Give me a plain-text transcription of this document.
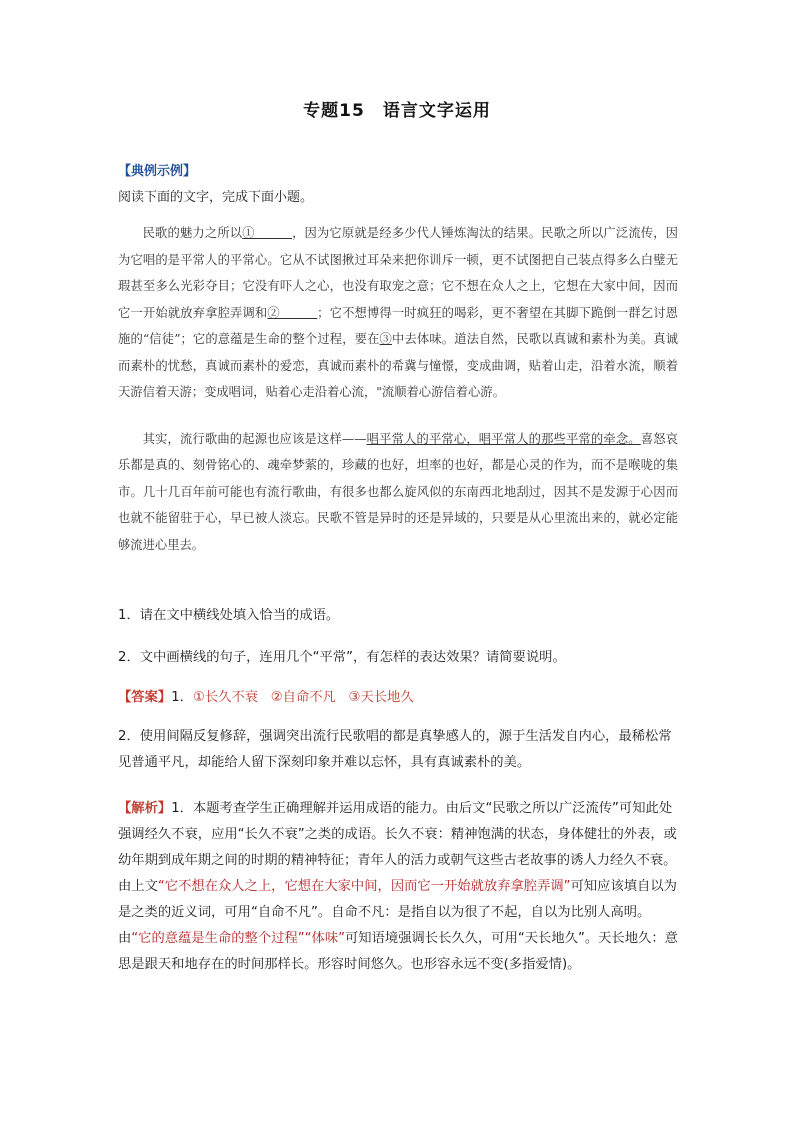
专题15　语言文字运用
【典例示例】
阅读下面的文字，完成下面小题。

民歌的魅力之所以①＿＿＿，因为它原就是经多少代人锤炼淘汰的结果。民歌之所以广泛流传，因为它唱的是平常人的平常心。它从不试图揪过耳朵来把你训斥一顿，更不试图把自己装点得多么白璧无瑕甚至多么光彩夺目；它没有吓人之心，也没有取宠之意；它不想在众人之上，它想在大家中间，因而它一开始就放弃拿腔弄调和②＿＿＿；它不想博得一时疯狂的喝彩，更不奢望在其脚下跪倒一群乞讨恩施的“信徒”；它的意蕴是生命的整个过程，要在③中去体味。道法自然，民歌以真诚和素朴为美。真诚而素朴的忧愁，真诚而素朴的爱恋，真诚而素朴的希冀与憧憬，变成曲调，贴着山走，沿着水流，顺着天游信着天游；变成唱词，贴着心走沿着心流，"流顺着心游信着心游。

其实，流行歌曲的起源也应该是这样——唱平常人的平常心，唱平常人的那些平常的牵念。喜怒哀乐都是真的、刻骨铭心的、魂牵梦萦的，珍藏的也好，坦率的也好，都是心灵的作为，而不是喉咙的集市。几十几百年前可能也有流行歌曲，有很多也都么旋风似的东南西北地刮过，因其不是发源于心因而也就不能留驻于心，早已被人淡忘。民歌不管是异时的还是异域的，只要是从心里流出来的，就必定能够流进心里去。

1．请在文中横线处填入恰当的成语。
2．文中画横线的句子，连用几个“平常”，有怎样的表达效果？请简要说明。
【答案】1．①长久不衰 ②自命不凡 ③天长地久

2．使用间隔反复修辞，强调突出流行民歌唱的都是真挚感人的，源于生活发自内心，最稀松常见普通平凡，却能给人留下深刻印象并难以忘怀，具有真诚素朴的美。

【解析】1．本题考查学生正确理解并运用成语的能力。由后文“民歌之所以广泛流传”可知此处强调经久不衰，应用“长久不衰”之类的成语。长久不衰：精神饱满的状态，身体健壮的外表，或幼年期到成年期之间的时期的精神特征；青年人的活力或朝气这些古老故事的诱人力经久不衰。由上文“它不想在众人之上，它想在大家中间，因而它一开始就放弃拿腔弄调”可知应该填自以为是之类的近义词，可用“自命不凡”。自命不凡：是指自以为很了不起，自以为比别人高明。由“它的意蕴是生命的整个过程”“体味”可知语境强调长长久久，可用“天长地久”。天长地久：意思是跟天和地存在的时间那样长。形容时间悠久。也形容永远不变(多指爱情)。
